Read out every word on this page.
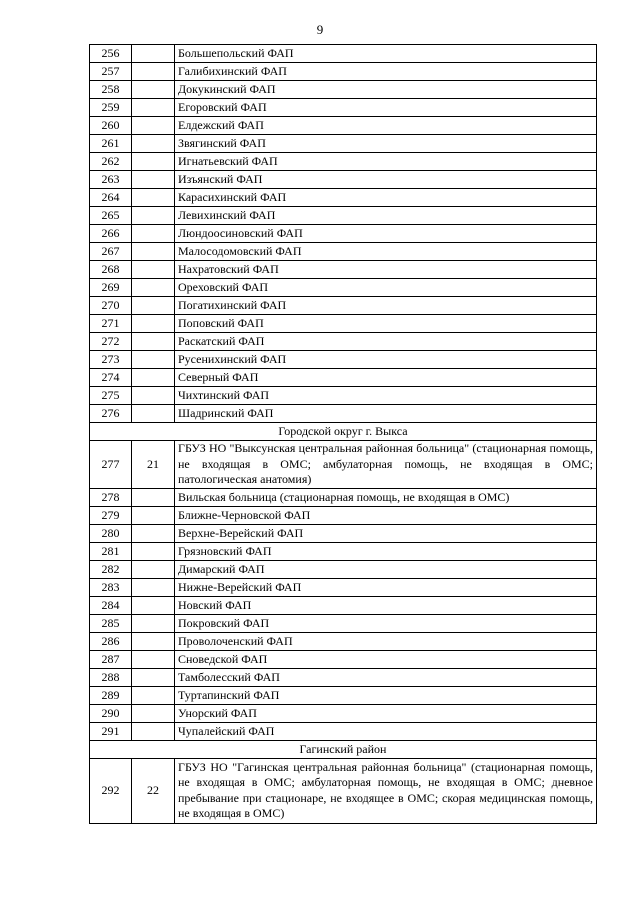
9
256		Большепольский ФАП
257		Галибихинский ФАП
258		Докукинский ФАП
259		Егоровский ФАП
260		Елдежский ФАП
261		Звягинский ФАП
262		Игнатьевский ФАП
263		Изъянский ФАП
264		Карасихинский ФАП
265		Левихинский ФАП
266		Люндоосиновский ФАП
267		Малосодомовский ФАП
268		Нахратовский ФАП
269		Ореховский ФАП
270		Погатихинский ФАП
271		Поповский ФАП
272		Раскатский ФАП
273		Русенихинский ФАП
274		Северный ФАП
275		Чихтинский ФАП
276		Шадринский ФАП
Городской округ г. Выкса		
277	21	ГБУЗ НО "Выксунская центральная районная больница" (стационарная помощь, не входящая в ОМС; амбулаторная помощь, не входящая в ОМС; патологическая анатомия)
278		Вильская больница (стационарная помощь, не входящая в ОМС)
279		Ближне-Черновской ФАП
280		Верхне-Верейский ФАП
281		Грязновский ФАП
282		Димарский ФАП
283		Нижне-Верейский ФАП
284		Новский ФАП
285		Покровский ФАП
286		Проволоченский ФАП
287		Сноведской ФАП
288		Тамболесский ФАП
289		Туртапинский ФАП
290		Унорский ФАП
291		Чупалейский ФАП
Гагинский район		
292	22	ГБУЗ НО "Гагинская центральная районная больница" (стационарная помощь, не входящая в ОМС; амбулаторная помощь, не входящая в ОМС; дневное пребывание при стационаре, не входящее в ОМС; скорая медицинская помощь, не входящая в ОМС)
